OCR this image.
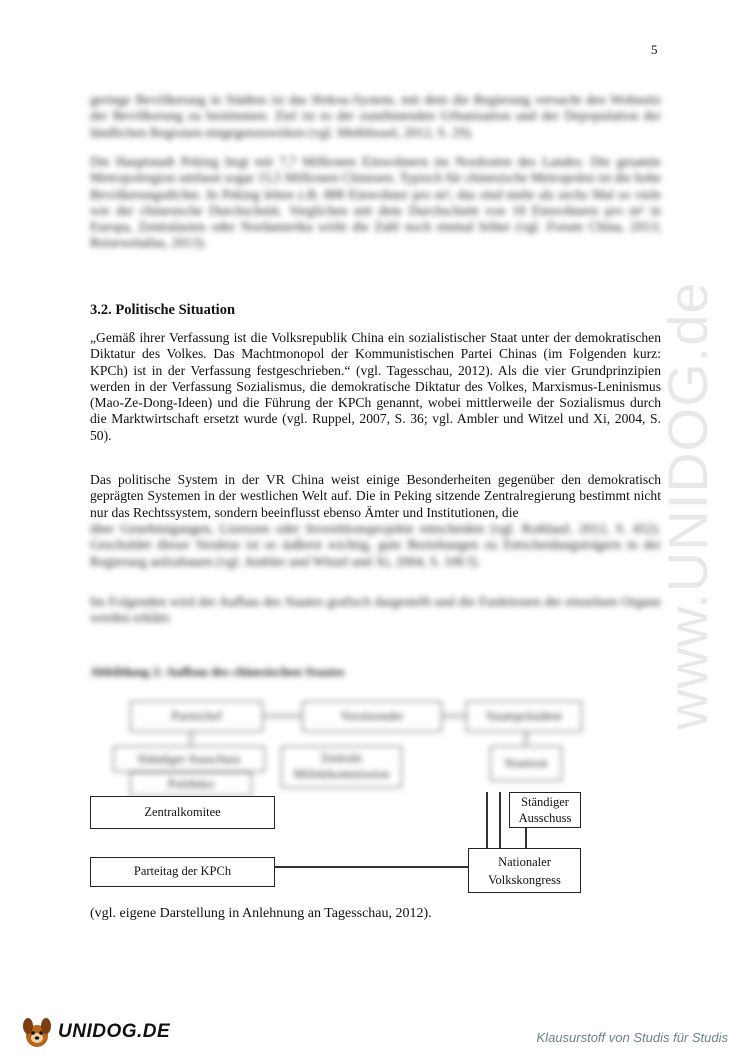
5
www.UNIDOG.de

geringe Bevölkerung in Städten ist das Hokou-System, mit dem die Regierung versucht den Wohnsitz der Bevölkerung zu bestimmen. Ziel ist es der zunehmenden Urbanisation und der Depopulation der ländlichen Regionen entgegenzuwirken (vgl. Methfessel, 2012, S. 29).

Die Hauptstadt Peking liegt mit 7,7 Millionen Einwohnern im Nordosten des Landes. Die gesamte Metropolregion umfasst sogar 15,5 Millionen Chinesen. Typisch für chinesische Metropolen ist die hohe Bevölkerungsdichte. In Peking leben z.B. 888 Einwohner pro m², das sind mehr als sechs Mal so viele wie der chinesische Durchschnitt. Verglichen mit dem Durchschnitt von 18 Einwohnern pro m² in Europa, Zentralasien oder Nordamerika wirkt die Zahl noch einmal höher (vgl. Forum China, 2013; Reisewelatlas, 2013).

3.2. Politische Situation

„Gemäß ihrer Verfassung ist die Volksrepublik China ein sozialistischer Staat unter der demokratischen Diktatur des Volkes. Das Machtmonopol der Kommunistischen Partei Chinas (im Folgenden kurz: KPCh) ist in der Verfassung festgeschrieben.“ (vgl. Tagesschau, 2012). Als die vier Grundprinzipien werden in der Verfassung Sozialismus, die demokratische Diktatur des Volkes, Marxismus-Leninismus (Mao-Ze-Dong-Ideen) und die Führung der KPCh genannt, wobei mittlerweile der Sozialismus durch die Marktwirtschaft ersetzt wurde (vgl. Ruppel, 2007, S. 36; vgl. Ambler und Witzel und Xi, 2004, S. 50).

Das politische System in der VR China weist einige Besonderheiten gegenüber den demokratisch geprägten Systemen in der westlichen Welt auf. Die in Peking sitzende Zentralregierung bestimmt nicht nur das Rechtssystem, sondern beeinflusst ebenso Ämter und Institutionen, die

über Genehmigungen, Lizenzen oder Investitionsprojekte entscheiden (vgl. Rothlauf, 2012, S. 452). Geschuldet dieser Struktur ist es äußerst wichtig, gute Beziehungen zu Entscheidungsträgern in der Regierung aufzubauen (vgl. Ambler und Witzel und Xi, 2004, S. 100 f).

Im Folgenden wird der Aufbau des Staates grafisch dargestellt und die Funktionen der einzelnen Organe werden erklärt.

Abbildung 2: Aufbau des chinesischen Staates
Parteichef	Vorsitzender	Staatspräsident
Ständiger Ausschuss	Zentrale Militärkommission
Staatsrat
Politbüro
Zentralkomitee
Ständiger Ausschuss
Parteitag der KPCh
Nationaler Volkskongress
(vgl. eigene Darstellung in Anlehnung an Tagesschau, 2012).
UNIDOG.DE	Klausurstoff von Studis für Studis
